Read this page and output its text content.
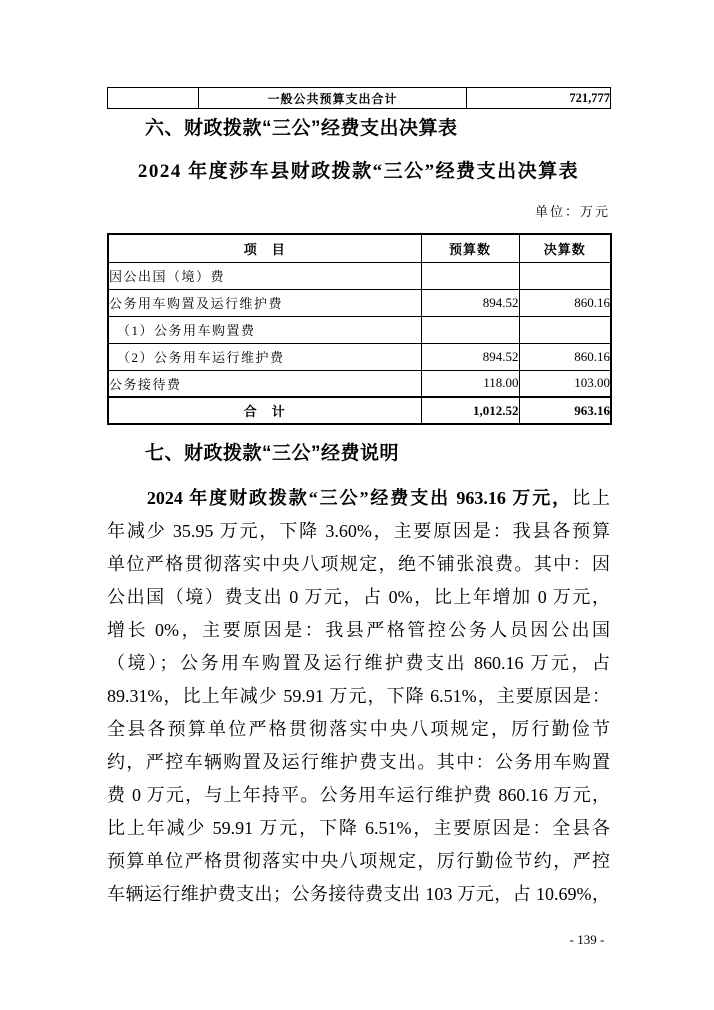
	一般公共预算支出合计	721,777
六、财政拨款“三公”经费支出决算表
2024 年度莎车县财政拨款“三公”经费支出决算表
单位：万元
项　目	预算数	决算数
因公出国（境）费		
公务用车购置及运行维护费	894.52	860.16
　（1）公务用车购置费		
　（2）公务用车运行维护费	894.52	860.16
公务接待费	118.00	103.00
合　计	1,012.52	963.16
七、财政拨款“三公”经费说明
　　2024 年度财政拨款“三公”经费支出 963.16 万元，比上
年减少 35.95 万元，下降 3.60%，主要原因是：我县各预算
单位严格贯彻落实中央八项规定，绝不铺张浪费。其中：因
公出国（境）费支出 0 万元，占 0%，比上年增加 0 万元，
增长 0%，主要原因是：我县严格管控公务人员因公出国
（境）；公务用车购置及运行维护费支出 860.16 万元，占
89.31%，比上年减少 59.91 万元，下降 6.51%，主要原因是：
全县各预算单位严格贯彻落实中央八项规定，厉行勤俭节
约，严控车辆购置及运行维护费支出。其中：公务用车购置
费 0 万元，与上年持平。公务用车运行维护费 860.16 万元，
比上年减少 59.91 万元，下降 6.51%，主要原因是：全县各
预算单位严格贯彻落实中央八项规定，厉行勤俭节约，严控
车辆运行维护费支出；公务接待费支出 103 万元，占 10.69%，
- 139 -
